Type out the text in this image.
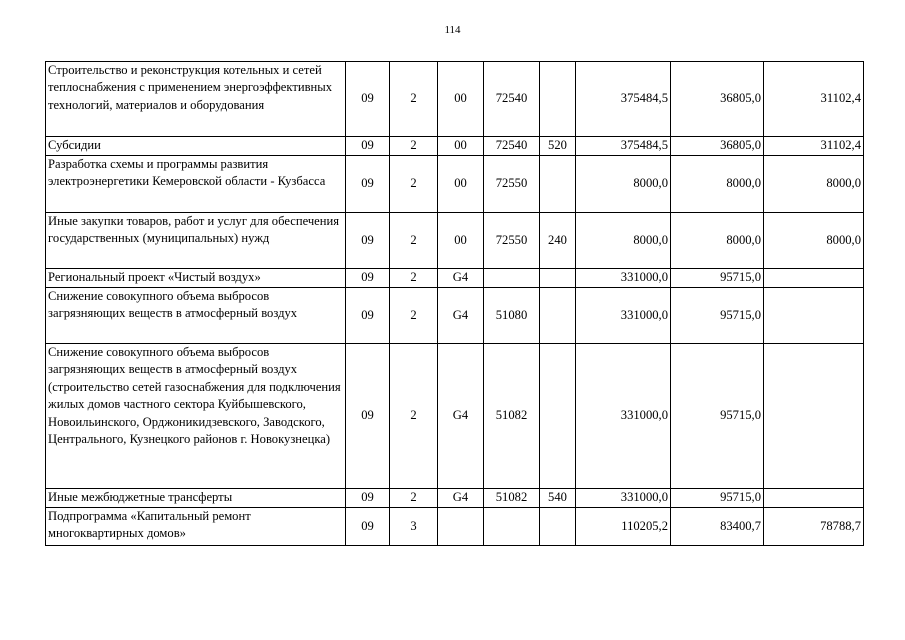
114
Строительство и реконструкция котельных и сетей теплоснабжения с применением энергоэффективных технологий, материалов и оборудования	09	2	00	72540		375484,5	36805,0	31102,4
Субсидии	09	2	00	72540	520	375484,5	36805,0	31102,4
Разработка схемы и программы развития электроэнергетики Кемеровской области - Кузбасса	09	2	00	72550		8000,0	8000,0	8000,0
Иные закупки товаров, работ и услуг для обеспечения государственных (муниципальных) нужд	09	2	00	72550	240	8000,0	8000,0	8000,0
Региональный проект «Чистый воздух»	09	2	G4			331000,0	95715,0	
Снижение совокупного объема выбросов загрязняющих веществ в атмосферный воздух	09	2	G4	51080		331000,0	95715,0	
Снижение совокупного объема выбросов загрязняющих веществ в атмосферный воздух (строительство сетей газоснабжения для подключения жилых домов частного сектора Куйбышевского, Новоильинского, Орджоникидзевского, Заводского, Центрального, Кузнецкого районов г. Новокузнецка)	09	2	G4	51082		331000,0	95715,0	
Иные межбюджетные трансферты	09	2	G4	51082	540	331000,0	95715,0	
Подпрограмма «Капитальный ремонт многоквартирных домов»	09	3				110205,2	83400,7	78788,7
